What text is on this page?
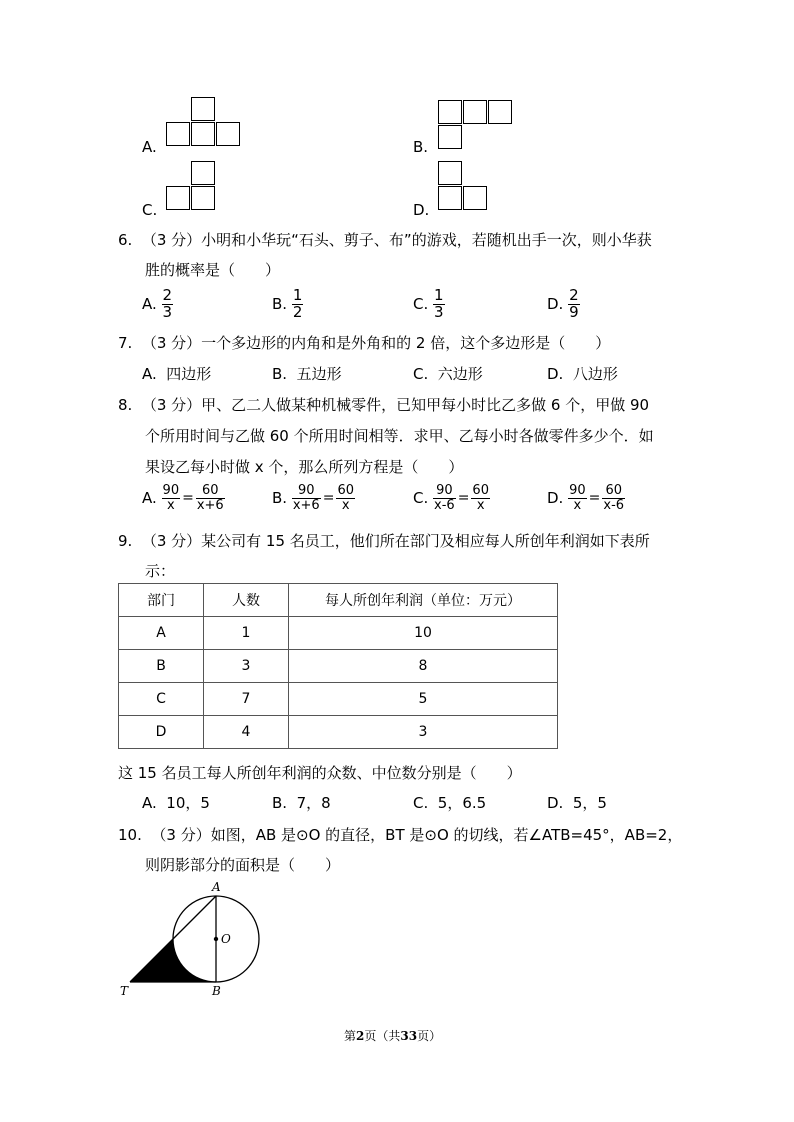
A.	B.
C.	D.
6.  （3 分）小明和小华玩“石头、剪子、布”的游戏，若随机出手一次，则小华获
胜的概率是（　　）
A. $\frac{2}{3}$	B. $\frac{1}{2}$	C. $\frac{1}{3}$	D. $\frac{2}{9}$
7.  （3 分）一个多边形的内角和是外角和的 2 倍，这个多边形是（　　）
A.  四边形	B.  五边形	C.  六边形	D.  八边形
8.  （3 分）甲、乙二人做某种机械零件，已知甲每小时比乙多做 6 个，甲做 90
个所用时间与乙做 60 个所用时间相等．求甲、乙每小时各做零件多少个．如
果设乙每小时做 x 个，那么所列方程是（　　）
A. $\frac{90}{x} = \frac{60}{x+6}$	B. $\frac{90}{x+6} = \frac{60}{x}$	C. $\frac{90}{x-6} = \frac{60}{x}$	D. $\frac{90}{x} = \frac{60}{x-6}$
9.  （3 分）某公司有 15 名员工，他们所在部门及相应每人所创年利润如下表所
示：
部门	人数	每人所创年利润（单位：万元）
A	1	10
B	3	8
C	7	5
D	4	3
这 15 名员工每人所创年利润的众数、中位数分别是（　　）
A.  10，5	B.  7，8	C.  5，6.5	D.  5，5
10.  （3 分）如图，AB 是⊙O 的直径，BT 是⊙O 的切线，若∠ATB=45°，AB=2，
则阴影部分的面积是（　　）
A
O
T	B
第2页（共33页）
